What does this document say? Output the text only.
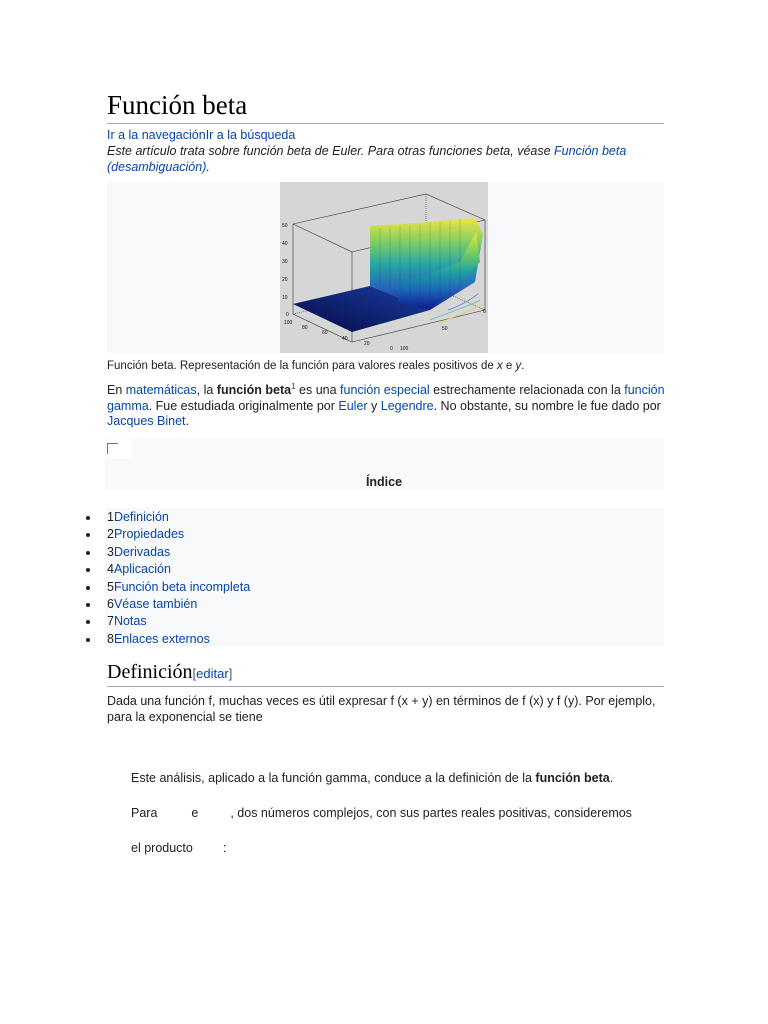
Función beta
Ir a la navegaciónIr a la búsqueda
Este artículo trata sobre función beta de Euler. Para otras funciones beta, véase Función beta
(desambiguación).
50
40
30
20
10
0
100
80
60
40
20
0
0
50
100
Función beta. Representación de la función para valores reales positivos de x e y.
En matemáticas, la función beta$^1$ es una función especial estrechamente relacionada con la función gamma. Fue estudiada originalmente por Euler y Legendre. No obstante, su nombre le fue dado por Jacques Binet.
Índice
1Definición
2Propiedades
3Derivadas
4Aplicación
5Función beta incompleta
6Véase también
7Notas
8Enlaces externos
Definición[editar]
Dada una función f, muchas veces es útil expresar f (x + y) en términos de f (x) y f (y). Por ejemplo, para la exponencial se tiene
Este análisis, aplicado a la función gamma, conduce a la definición de la función beta.
Para	e	, dos números complejos, con sus partes reales positivas, consideremos
el producto :
